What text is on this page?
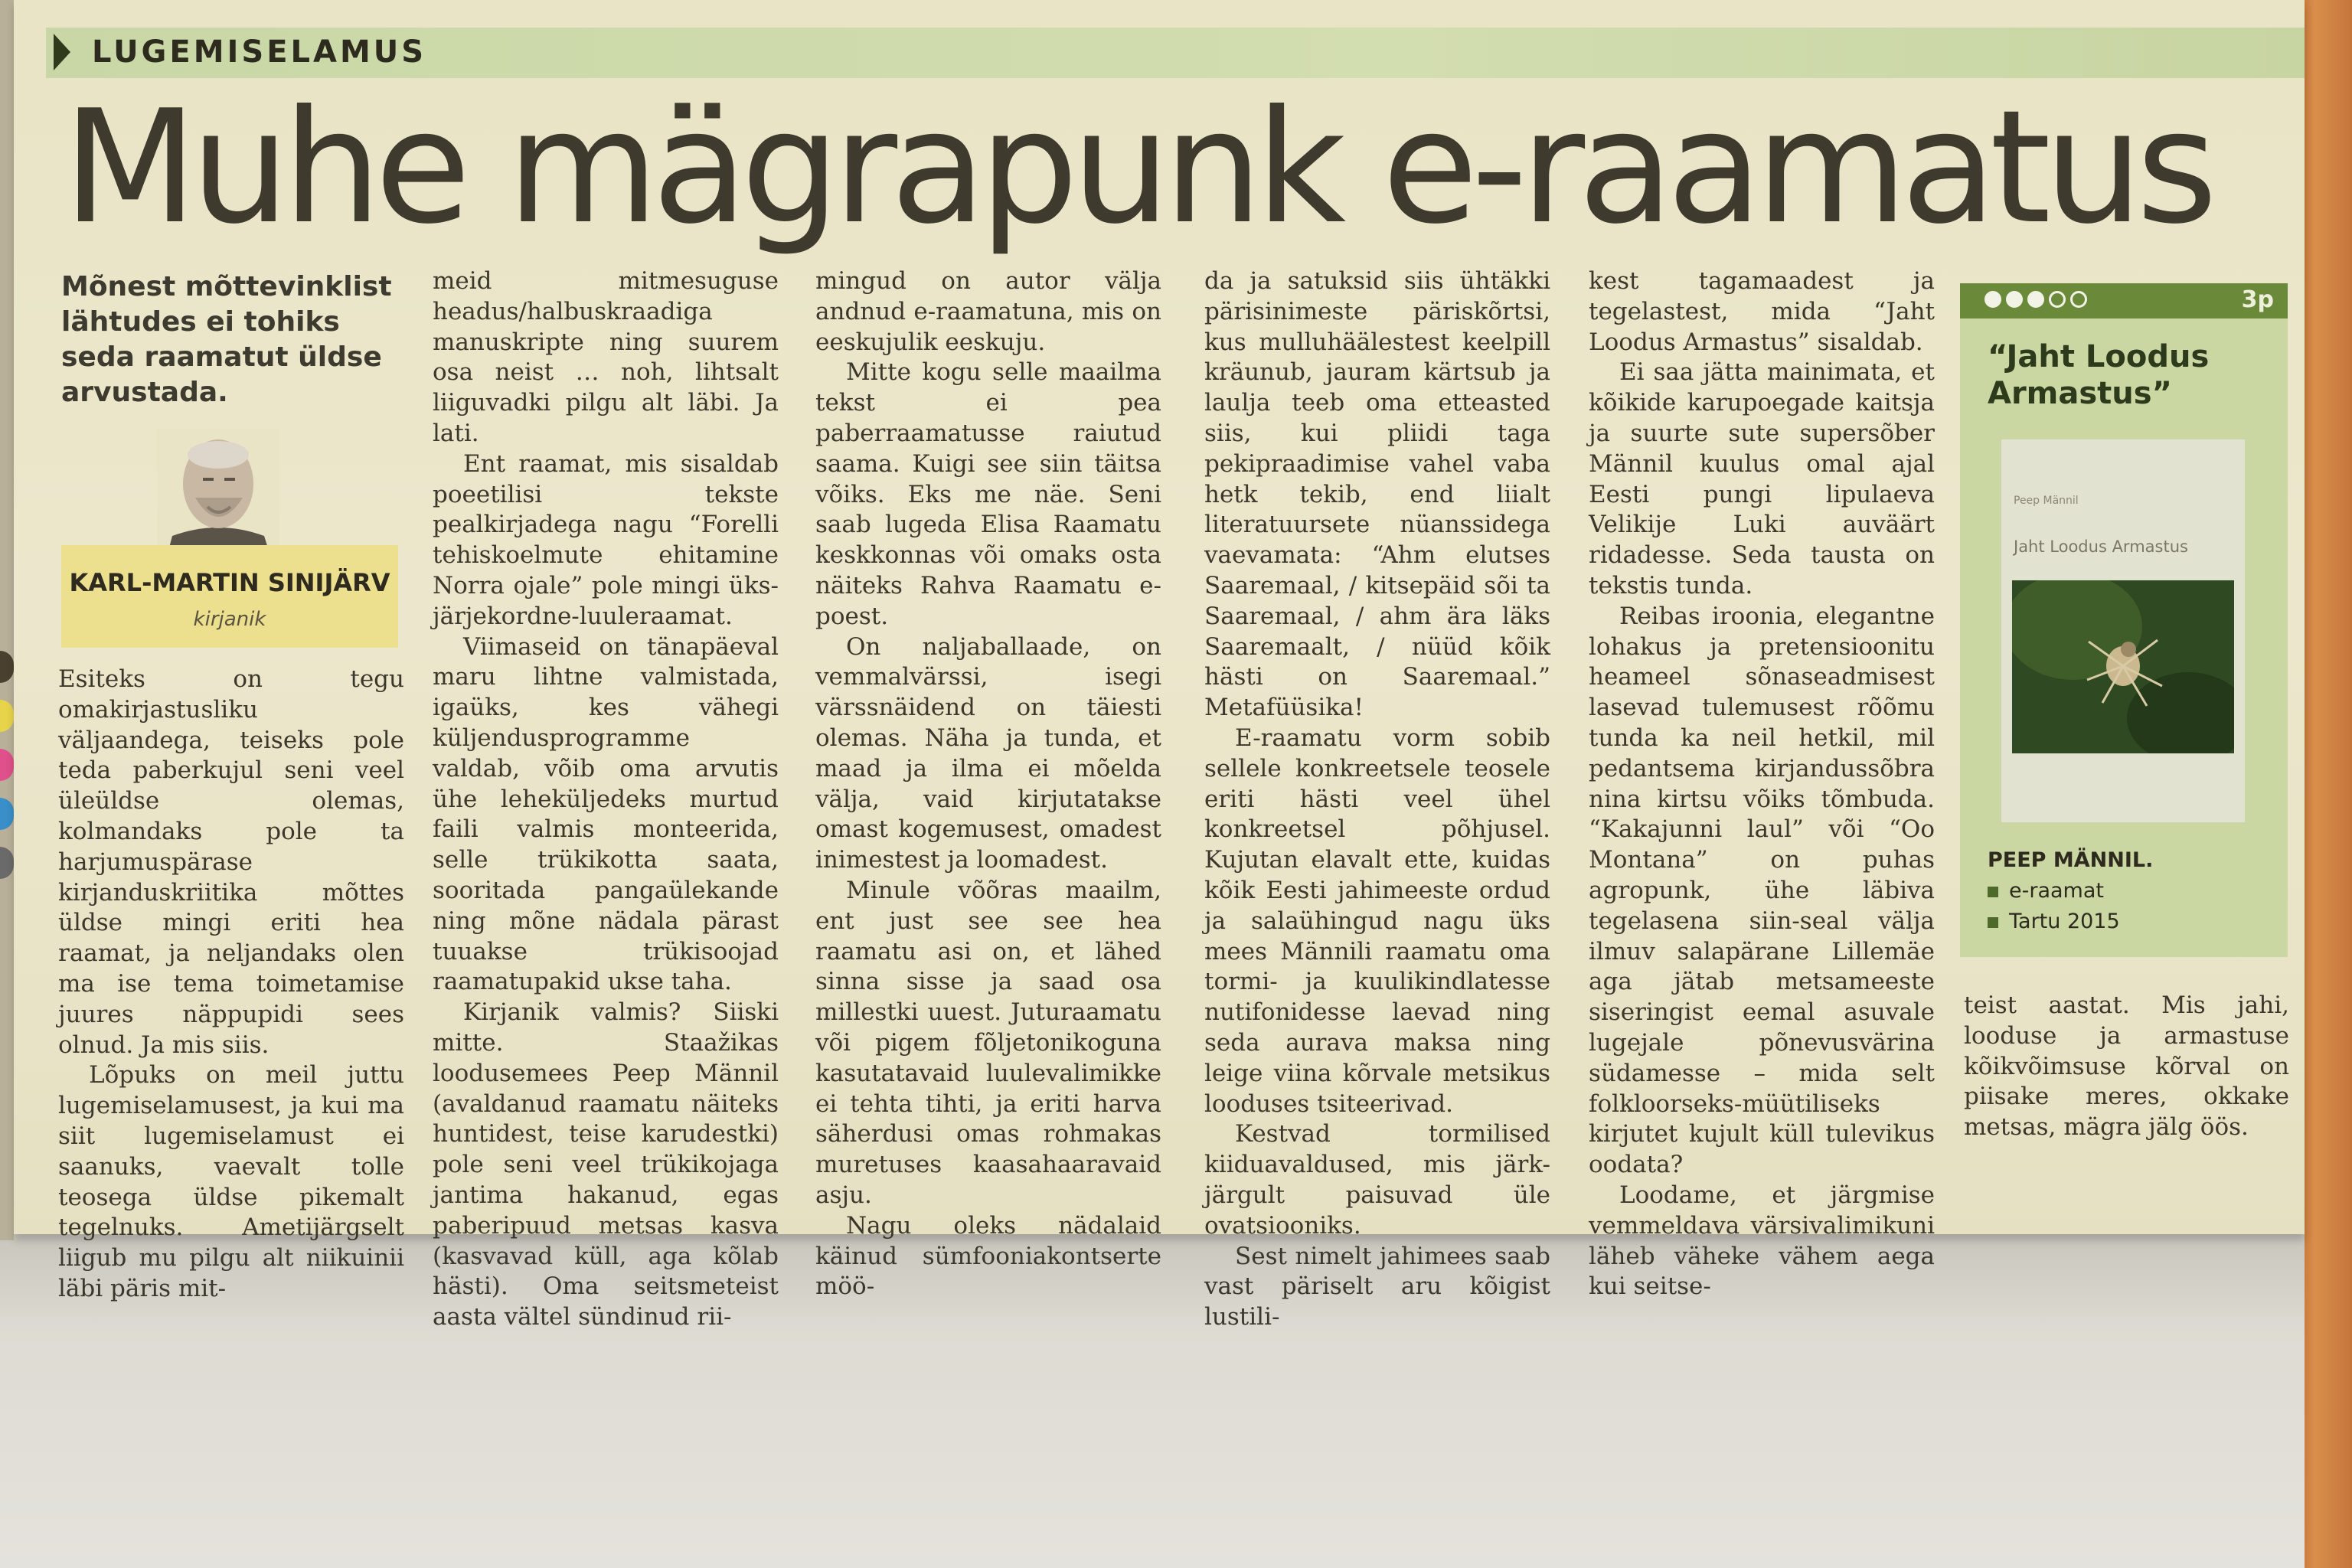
LUGEMISELAMUS
Muhe mägrapunk e-raamatus
Mõnest mõttevinklist lähtudes ei tohiks seda raamatut üldse arvustada.
KARL-MARTIN SINIJÄRV
kirjanik

Esiteks on tegu omakirjastusliku väljaandega, teiseks pole teda paberkujul seni veel üleüldse olemas, kolmandaks pole ta harjumuspärase kirjanduskriitika mõttes üldse mingi eriti hea raamat, ja neljandaks olen ma ise tema toimetamise juures näppupidi sees olnud. Ja mis siis.

Lõpuks on meil juttu lugemiselamusest, ja kui ma siit lugemiselamust ei saanuks, vaevalt tolle teosega üldse pikemalt tegelnuks. Ametijärgselt liigub mu pilgu alt niikuinii läbi päris mit-

meid mitmesuguse headus/halbuskraadiga manuskripte ning suurem osa neist … noh, lihtsalt liiguvadki pilgu alt läbi. Ja lati.

Ent raamat, mis sisaldab poeetilisi tekste pealkirjadega nagu “Forelli tehiskoelmute ehitamine Norra ojale” pole mingi üks-järjekordne-luuleraamat.

Viimaseid on tänapäeval maru lihtne valmistada, igaüks, kes vähegi küljendusprogramme valdab, võib oma arvutis ühe leheküljedeks murtud faili valmis monteerida, selle trükikotta saata, sooritada pangaülekande ning mõne nädala pärast tuuakse trükisoojad raamatupakid ukse taha.

Kirjanik valmis? Siiski mitte. Staažikas loodusemees Peep Männil (avaldanud raamatu näiteks huntidest, teise karudestki) pole seni veel trükikojaga jantima hakanud, egas paberipuud metsas kasva (kasvavad küll, aga kõlab hästi). Oma seitsmeteist aasta vältel sündinud rii-

mingud on autor välja andnud e-raamatuna, mis on eeskujulik eeskuju.

Mitte kogu selle maailma tekst ei pea paberraamatusse raiutud saama. Kuigi see siin täitsa võiks. Eks me näe. Seni saab lugeda Elisa Raamatu keskkonnas või omaks osta näiteks Rahva Raamatu e-poest.

On naljaballaade, on vemmalvärssi, isegi värssnäidend on täiesti olemas. Näha ja tunda, et maad ja ilma ei mõelda välja, vaid kirjutatakse omast kogemusest, omadest inimestest ja loomadest.

Minule võõras maailm, ent just see see hea raamatu asi on, et lähed sinna sisse ja saad osa millestki uuest. Juturaamatu või pigem fõljetonikoguna kasutatavaid luulevalimikke ei tehta tihti, ja eriti harva säherdusi omas rohmakas muretuses kaasahaaravaid asju.

Nagu oleks nädalaid käinud sümfooniakontserte möö-

da ja satuksid siis ühtäkki pärisinimeste päriskõrtsi, kus mulluhäälestest keelpill kräunub, jauram kärtsub ja laulja teeb oma etteasted siis, kui pliidi taga pekipraadimise vahel vaba hetk tekib, end liialt literatuursete nüanssidega vaevamata: “Ahm elutses Saaremaal, / kitsepäid sõi ta Saaremaal, / ahm ära läks Saaremaalt, / nüüd kõik hästi on Saaremaal.” Metafüüsika!

E-raamatu vorm sobib sellele konkreetsele teosele eriti hästi veel ühel konkreetsel põhjusel. Kujutan elavalt ette, kuidas kõik Eesti jahimeeste ordud ja salaühingud nagu üks mees Männili raamatu oma tormi- ja kuulikindlatesse nutifonidesse laevad ning seda aurava maksa ning leige viina kõrvale metsikus looduses tsiteerivad.

Kestvad tormilised kiiduavaldused, mis järk-järgult paisuvad üle ovatsiooniks.

Sest nimelt jahimees saab vast päriselt aru kõigist lustili-

kest tagamaadest ja tegelastest, mida “Jaht Loodus Armastus” sisaldab.

Ei saa jätta mainimata, et kõikide karupoegade kaitsja ja suurte sute supersõber Männil kuulus omal ajal Eesti pungi lipulaeva Velikije Luki auväärt ridadesse. Seda tausta on tekstis tunda.

Reibas iroonia, elegantne lohakus ja pretensioonitu heameel sõnaseadmisest lasevad tulemusest rõõmu tunda ka neil hetkil, mil pedantsema kirjandussõbra nina kirtsu võiks tõmbuda. “Kakajunni laul” või “Oo Montana” on puhas agropunk, ühe läbiva tegelasena siin-seal välja ilmuv salapärane Lillemäe aga jätab metsameeste siseringist eemal asuvale lugejale põnevusvärina südamesse – mida selt folkloorseks-müütiliseks kirjutet kujult küll tulevikus oodata?

Loodame, et järgmise vemmeldava värsivalimikuni läheb väheke vähem aega kui seitse-

3p
“Jaht Loodus Armastus”
Peep Männil
Jaht Loodus Armastus
PEEP MÄNNIL.
e-raamat
Tartu 2015

teist aastat. Mis jahi, looduse ja armastuse kõikvõimsuse kõrval on piisake meres, okkake metsas, mägra jälg öös.
